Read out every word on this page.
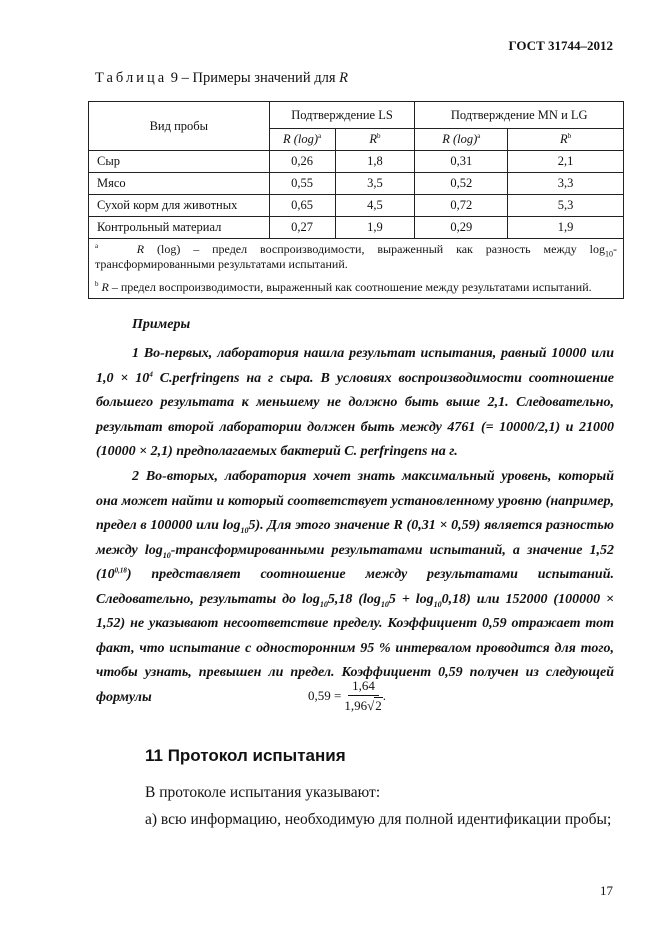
ГОСТ 31744–2012
Таблица 9 – Примеры значений для R
Вид пробы	Подтверждение LS		Подтверждение MN и LG	
	R $(\log)^a$	$R^b$	R $(\log)^a$	$R^b$
Сыр	0,26	1,8	0,31	2,1
Мясо	0,55	3,5	0,52	3,3
Сухой корм для животных	0,65	4,5	0,72	5,3
Контрольный материал	0,27	1,9	0,29	1,9

$^a$ R (log) – предел воспроизводимости, выраженный как разность между $\log_{10}$-трансформированными результатами испытаний.

$^b$ R – предел воспроизводимости, выраженный как соотношение между результатами испытаний.				

Примеры
1 Во-первых, лаборатория нашла результат испытания, равный 10000 или $1,0 \times 10^4$ C.perfringens на г сыра. В условиях воспроизводимости соотношение большего результата к меньшему не должно быть выше 2,1. Следовательно, результат второй лаборатории должен быть между 4761 (= 10000/2,1) и 21000 (10000 × 2,1) предполагаемых бактерий C. perfringens на г.
2 Во-вторых, лаборатория хочет знать максимальный уровень, который она может найти и который соответствует установленному уровню (например, предел в 100000 или $\log_{10}5$). Для этого значение R (0,31 × 0,59) является разностью между $\log_{10}$-трансформированными результатами испытаний, а значение 1,52 (10$^{0,18}$) представляет соотношение между результатами испытаний. Следовательно, результаты до $\log_{10}5,18$ $(\log_{10}5 + \log_{10}0,18)$ или 152000 (100000 × 1,52) не указывают несоответствие пределу. Коэффициент 0,59 отражает тот факт, что испытание с односторонним 95 % интервалом проводится для того, чтобы узнать, превышен ли предел. Коэффициент 0,59 получен из следующей формулы	$0,59 = \frac{1,64}{1,96 √ 2}$ .
11 Протокол испытания
В протоколе испытания указывают:
а) всю информацию, необходимую для полной идентификации пробы;
17
